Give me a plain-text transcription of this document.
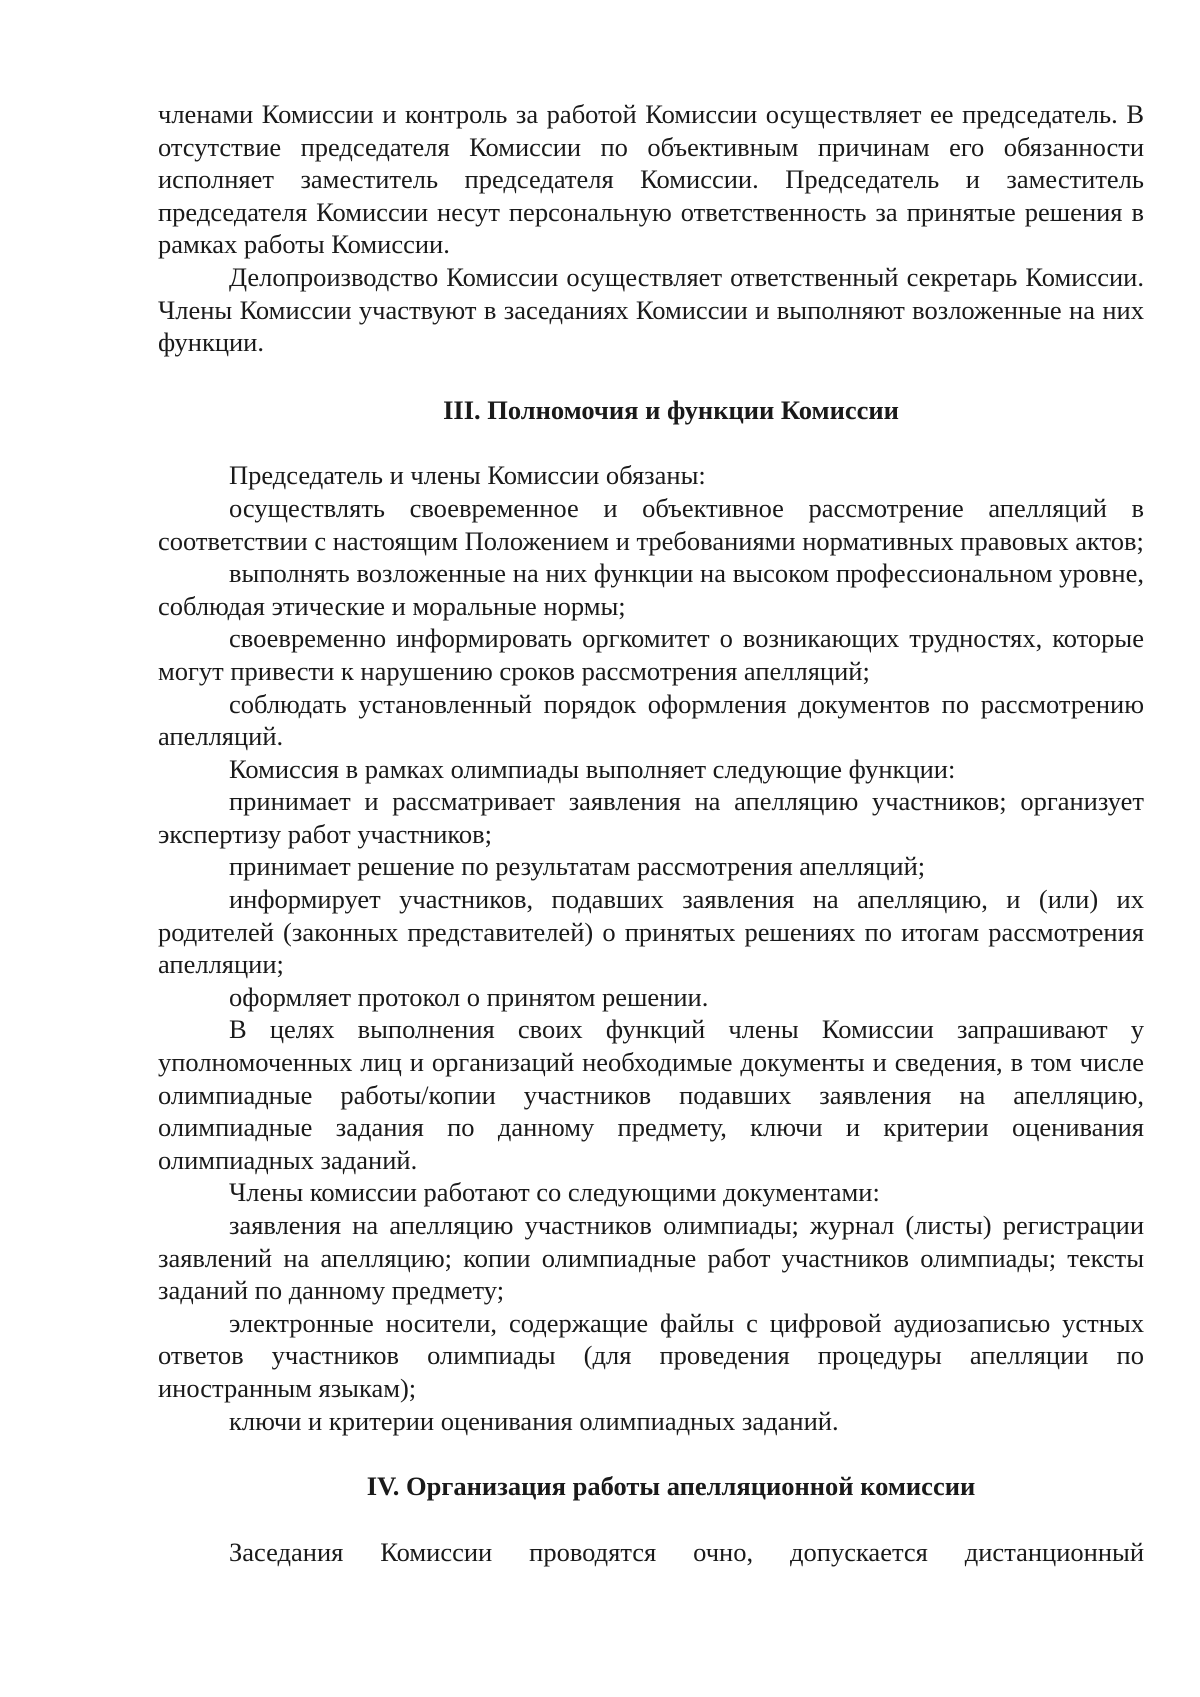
членами Комиссии и контроль за работой Комиссии осуществляет ее председатель. В отсутствие председателя Комиссии по объективным причинам его обязанности исполняет заместитель председателя Комиссии. Председатель и заместитель председателя Комиссии несут персональную ответственность за принятые решения в рамках работы Комиссии.

Делопроизводство Комиссии осуществляет ответственный секретарь Комиссии. Члены Комиссии участвуют в заседаниях Комиссии и выполняют возложенные на них функции.

III. Полномочия и функции Комиссии

Председатель и члены Комиссии обязаны:

осуществлять своевременное и объективное рассмотрение апелляций в соответствии с настоящим Положением и требованиями нормативных правовых актов;

выполнять возложенные на них функции на высоком профессиональном уровне, соблюдая этические и моральные нормы;

своевременно информировать оргкомитет о возникающих трудностях, которые могут привести к нарушению сроков рассмотрения апелляций;

соблюдать установленный порядок оформления документов по рассмотрению апелляций.

Комиссия в рамках олимпиады выполняет следующие функции:

принимает и рассматривает заявления на апелляцию участников; организует экспертизу работ участников;

принимает решение по результатам рассмотрения апелляций;

информирует участников, подавших заявления на апелляцию, и (или) их родителей (законных представителей) о принятых решениях по итогам рассмотрения апелляции;

оформляет протокол о принятом решении.

В целях выполнения своих функций члены Комиссии запрашивают у уполномоченных лиц и организаций необходимые документы и сведения, в том числе олимпиадные работы/копии участников подавших заявления на апелляцию, олимпиадные задания по данному предмету, ключи и критерии оценивания олимпиадных заданий.

Члены комиссии работают со следующими документами:

заявления на апелляцию участников олимпиады; журнал (листы) регистрации заявлений на апелляцию; копии олимпиадные работ участников олимпиады; тексты заданий по данному предмету;

электронные носители, содержащие файлы с цифровой аудиозаписью устных ответов участников олимпиады (для проведения процедуры апелляции по иностранным языкам);

ключи и критерии оценивания олимпиадных заданий.

IV. Организация работы апелляционной комиссии

Заседания Комиссии проводятся очно, допускается дистанционный
